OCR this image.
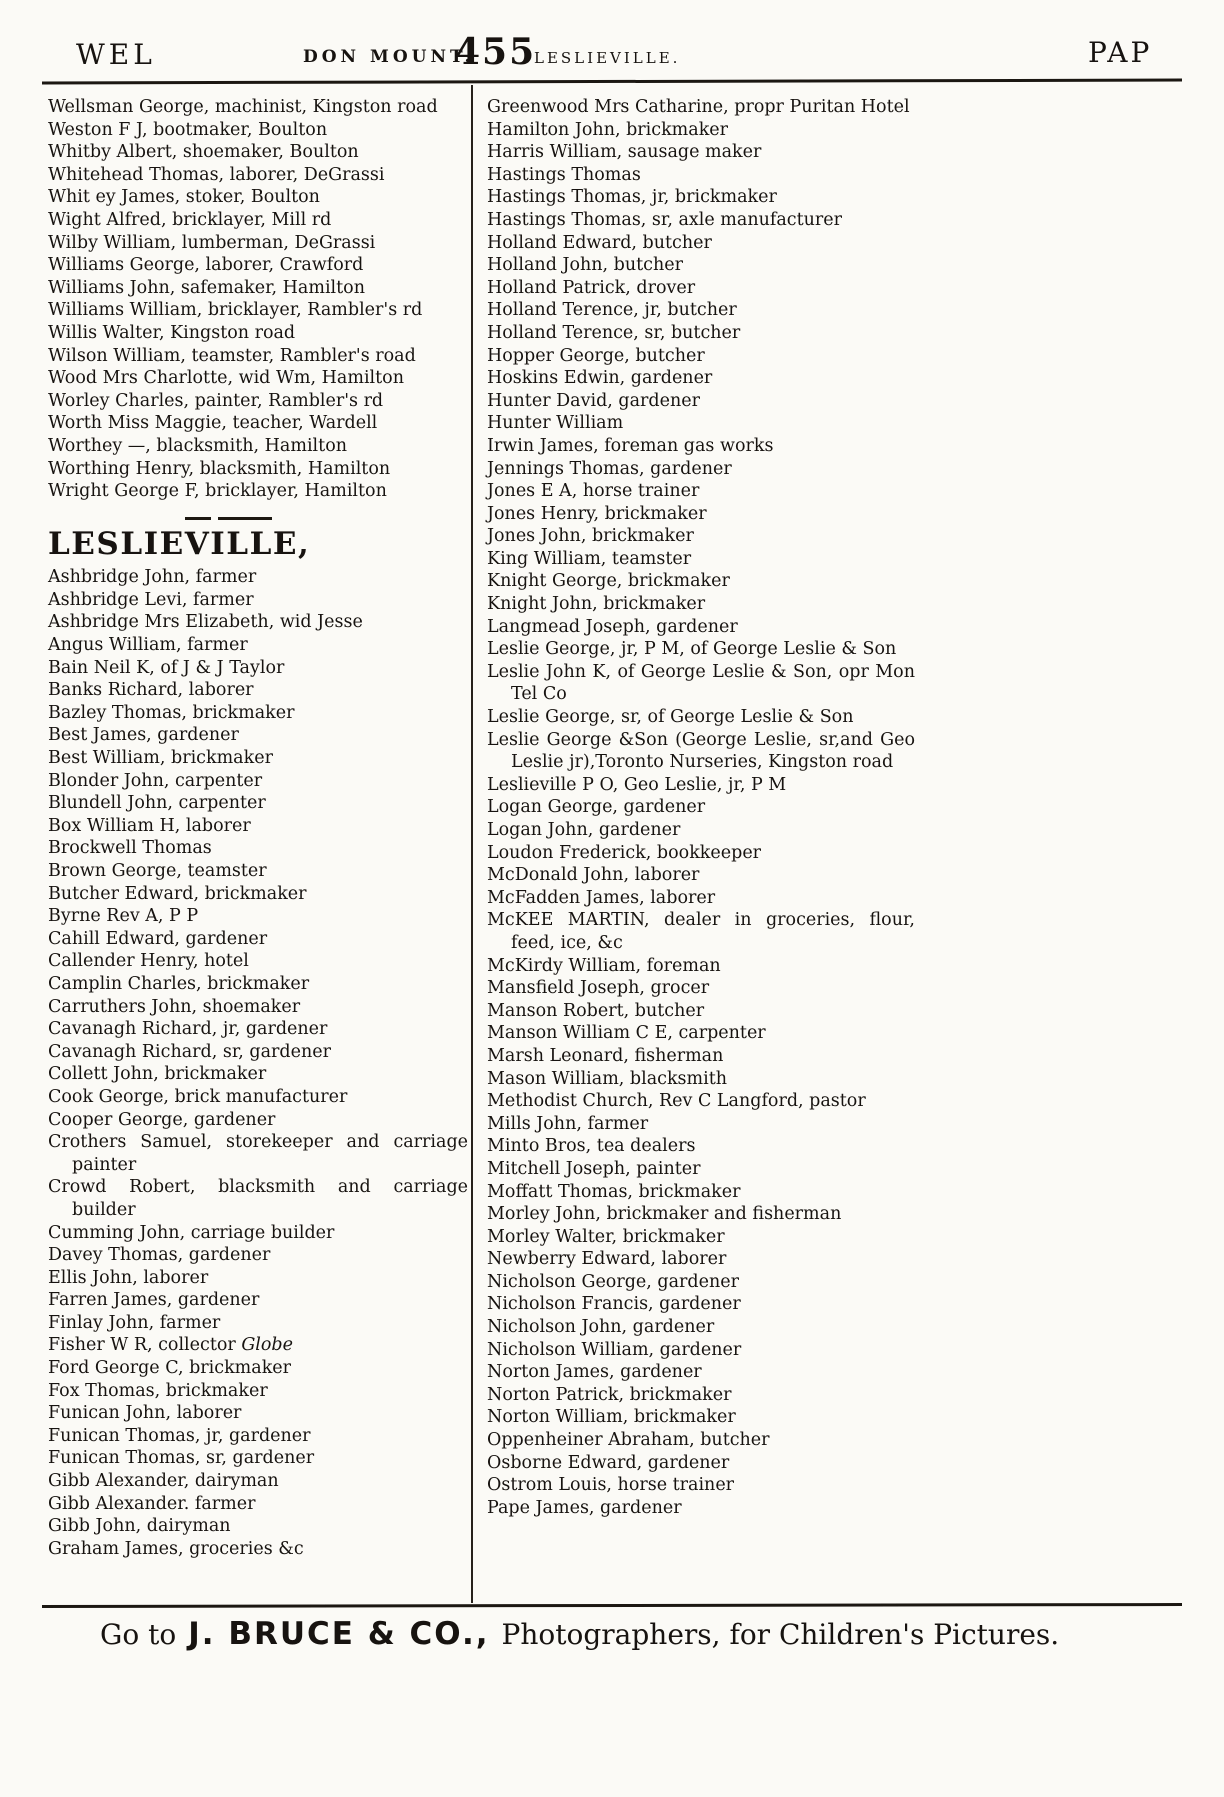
WEL	DON MOUNT.
455
LESLIEVILLE.	PAP
Wellsman George, machinist, Kingston road
Weston F J, bootmaker, Boulton
Whitby Albert, shoemaker, Boulton
Whitehead Thomas, laborer, DeGrassi
Whit ey James, stoker, Boulton
Wight Alfred, bricklayer, Mill rd
Wilby William, lumberman, DeGrassi
Williams George, laborer, Crawford
Williams John, safemaker, Hamilton
Williams William, bricklayer, Rambler's rd
Willis Walter, Kingston road
Wilson William, teamster, Rambler's road
Wood Mrs Charlotte, wid Wm, Hamilton
Worley Charles, painter, Rambler's rd
Worth Miss Maggie, teacher, Wardell
Worthey —, blacksmith, Hamilton
Worthing Henry, blacksmith, Hamilton
Wright George F, bricklayer, Hamilton
LESLIEVILLE,
Ashbridge John, farmer
Ashbridge Levi, farmer
Ashbridge Mrs Elizabeth, wid Jesse
Angus William, farmer
Bain Neil K, of J & J Taylor
Banks Richard, laborer
Bazley Thomas, brickmaker
Best James, gardener
Best William, brickmaker
Blonder John, carpenter
Blundell John, carpenter
Box William H, laborer
Brockwell Thomas
Brown George, teamster
Butcher Edward, brickmaker
Byrne Rev A, P P
Cahill Edward, gardener
Callender Henry, hotel
Camplin Charles, brickmaker
Carruthers John, shoemaker
Cavanagh Richard, jr, gardener
Cavanagh Richard, sr, gardener
Collett John, brickmaker
Cook George, brick manufacturer
Cooper George, gardener
Crothers Samuel, storekeeper and carriage painter
Crowd Robert, blacksmith and carriage builder
Cumming John, carriage builder
Davey Thomas, gardener
Ellis John, laborer
Farren James, gardener
Finlay John, farmer
Fisher W R, collector Globe
Ford George C, brickmaker
Fox Thomas, brickmaker
Funican John, laborer
Funican Thomas, jr, gardener
Funican Thomas, sr, gardener
Gibb Alexander, dairyman
Gibb Alexander. farmer
Gibb John, dairyman
Graham James, groceries &c
Greenwood Mrs Catharine, propr Puritan Hotel
Hamilton John, brickmaker
Harris William, sausage maker
Hastings Thomas
Hastings Thomas, jr, brickmaker
Hastings Thomas, sr, axle manufacturer
Holland Edward, butcher
Holland John, butcher
Holland Patrick, drover
Holland Terence, jr, butcher
Holland Terence, sr, butcher
Hopper George, butcher
Hoskins Edwin, gardener
Hunter David, gardener
Hunter William
Irwin James, foreman gas works
Jennings Thomas, gardener
Jones E A, horse trainer
Jones Henry, brickmaker
Jones John, brickmaker
King William, teamster
Knight George, brickmaker
Knight John, brickmaker
Langmead Joseph, gardener
Leslie George, jr, P M, of George Leslie & Son
Leslie John K, of George Leslie & Son, opr Mon Tel Co
Leslie George, sr, of George Leslie & Son
Leslie George &Son (George Leslie, sr,and Geo Leslie jr),Toronto Nurseries, Kingston road
Leslieville P O, Geo Leslie, jr, P M
Logan George, gardener
Logan John, gardener
Loudon Frederick, bookkeeper
McDonald John, laborer
McFadden James, laborer
McKEE MARTIN, dealer in groceries, flour, feed, ice, &c
McKirdy William, foreman
Mansfield Joseph, grocer
Manson Robert, butcher
Manson William C E, carpenter
Marsh Leonard, fisherman
Mason William, blacksmith
Methodist Church, Rev C Langford, pastor
Mills John, farmer
Minto Bros, tea dealers
Mitchell Joseph, painter
Moffatt Thomas, brickmaker
Morley John, brickmaker and fisherman
Morley Walter, brickmaker
Newberry Edward, laborer
Nicholson George, gardener
Nicholson Francis, gardener
Nicholson John, gardener
Nicholson William, gardener
Norton James, gardener
Norton Patrick, brickmaker
Norton William, brickmaker
Oppenheiner Abraham, butcher
Osborne Edward, gardener
Ostrom Louis, horse trainer
Pape James, gardener
Go to J. BRUCE & CO., Photographers, for Children's Pictures.
